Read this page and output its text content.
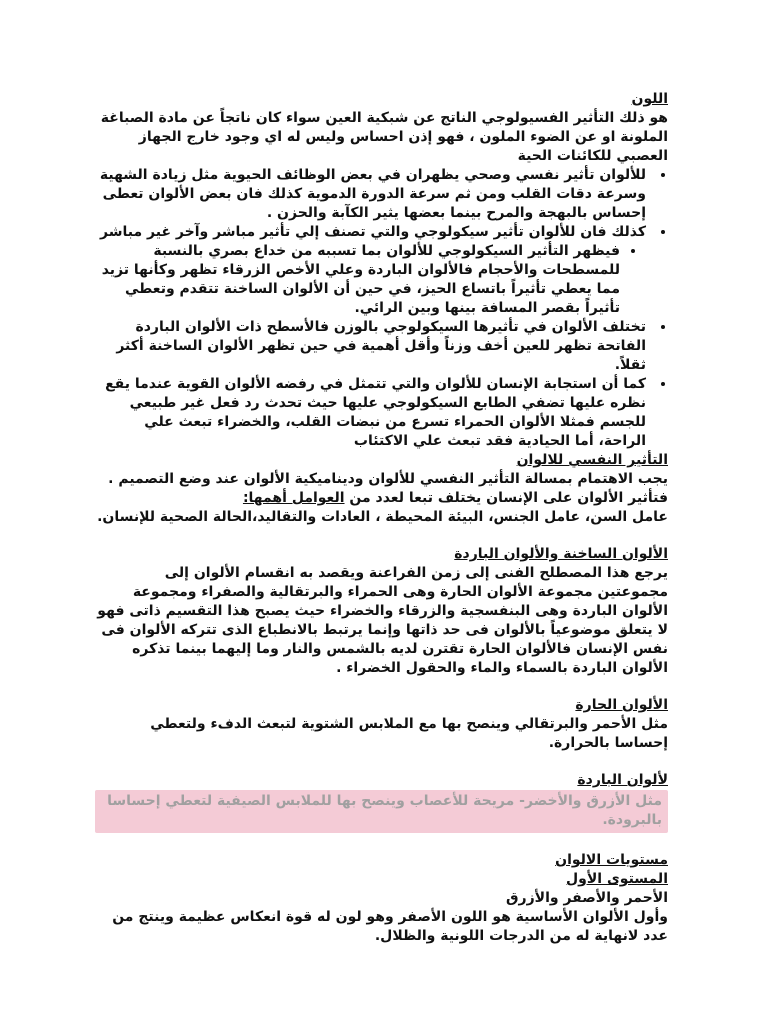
اللون

هو ذلك التأثير الفسيولوجي الناتج عن شبكية العين سواء كان ناتجاً عن مادة الصباغة الملونة او عن الضوء الملون ، فهو إذن احساس وليس له اي وجود خارج الجهاز العصبي للكائنات الحية

• للألوان تأثير نفسي وصحي يظهران في بعض الوظائف الحيوية مثل زيادة الشهية وسرعة دقات القلب ومن ثم سرعة الدورة الدموية كذلك فان بعض الألوان تعطى إحساس بالبهجة والمرح بينما بعضها يثير الكآبة والحزن .
• كذلك فان للألوان تأثير سيكولوجي والتي تصنف إلي تأثير مباشر وآخر غير مباشر
• فيظهر التأثير السيكولوجي للألوان بما تسببه من خداع بصري بالنسبة للمسطحات والأحجام فالألوان الباردة وعلي الأخص الزرقاء تظهر وكأنها تزيد مما يعطي تأثيراً باتساع الحيز، في حين أن الألوان الساخنة تتقدم وتعطي تأثيراً بقصر المسافة بينها وبين الرائي.
• تختلف الألوان في تأثيرها السيكولوجي بالوزن فالأسطح ذات الألوان الباردة الفاتحة تظهر للعين أخف وزناً وأقل أهمية في حين تظهر الألوان الساخنة أكثر ثقلاً.
• كما أن استجابة الإنسان للألوان والتي تتمثل في رفضه الألوان القوية عندما يقع نظره عليها تضفي الطابع السيكولوجي عليها حيث تحدث رد فعل غير طبيعي للجسم فمثلا الألوان الحمراء تسرع من نبضات القلب، والخضراء تبعث علي الراحة، أما الحيادية فقد تبعث علي الاكتئاب
التأثير النفسي للالوان

يجب الاهتمام بمسالة التأثير النفسي للألوان وديناميكية الألوان عند وضع التصميم .

فتأثير الألوان على الإنسان يختلف تبعا لعدد من العوامل أهمها:

عامل السن، عامل الجنس، البيئة المحيطة ، العادات والتقاليد،الحالة الصحية للإنسان.

الألوان الساخنة والألوان الباردة

يرجع هذا المصطلح الفنى إلى زمن الفراعنة ويقصد به انقسام الألوان إلى مجموعتين مجموعة الألوان الحارة وهى الحمراء والبرتقالية والصفراء ومجموعة الألوان الباردة وهى البنفسجية والزرقاء والخضراء حيث يصبح هذا التقسيم ذاتى فهو لا يتعلق موضوعياً بالألوان فى حد ذاتها وإنما يرتبط بالانطباع الذى تتركه الألوان فى نفس الإنسان فالألوان الحارة تقترن لديه بالشمس والنار وما إليهما بينما تذكره الألوان الباردة بالسماء والماء والحقول الخضراء .

الألوان الحارة

مثل الأحمر والبرتقالي وينصح بها مع الملابس الشتوية لتبعث الدفء ولتعطي إحساسا بالحرارة.

لألوان الباردة

مثل الأزرق والأخضر- مريحة للأعصاب وينصح بها للملابس الصيفية لتعطي إحساسا بالبرودة.

مستويات الالوان
المستوى الأول

الأحمر والأصفر والأزرق

وأول الألوان الأساسية هو اللون الأصفر وهو لون له قوة انعكاس عظيمة وينتج من عدد لانهاية له من الدرجات اللونية والظلال.
